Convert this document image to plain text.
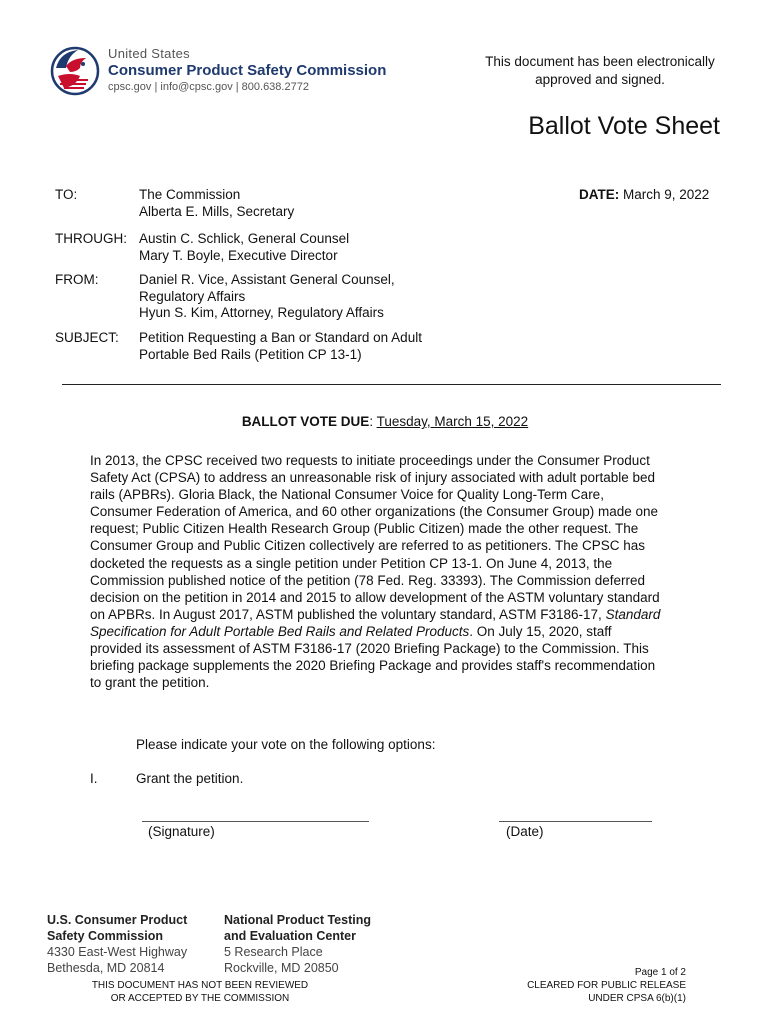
United States
Consumer Product Safety Commission
cpsc.gov | info@cpsc.gov | 800.638.2772
This document has been electronically
approved and signed.
Ballot Vote Sheet
TO:	The Commission
Alberta E. Mills, Secretary
DATE: March 9, 2022
THROUGH: Austin C. Schlick, General Counsel
Mary T. Boyle, Executive Director
FROM:	Daniel R. Vice, Assistant General Counsel,
Regulatory Affairs
Hyun S. Kim, Attorney, Regulatory Affairs
SUBJECT: Petition Requesting a Ban or Standard on Adult
Portable Bed Rails (Petition CP 13-1)
BALLOT VOTE DUE: Tuesday, March 15, 2022
In 2013, the CPSC received two requests to initiate proceedings under the Consumer Product
Safety Act (CPSA) to address an unreasonable risk of injury associated with adult portable bed
rails (APBRs). Gloria Black, the National Consumer Voice for Quality Long-Term Care,
Consumer Federation of America, and 60 other organizations (the Consumer Group) made one
request; Public Citizen Health Research Group (Public Citizen) made the other request. The
Consumer Group and Public Citizen collectively are referred to as petitioners. The CPSC has
docketed the requests as a single petition under Petition CP 13-1. On June 4, 2013, the
Commission published notice of the petition (78 Fed. Reg. 33393). The Commission deferred
decision on the petition in 2014 and 2015 to allow development of the ASTM voluntary standard
on APBRs. In August 2017, ASTM published the voluntary standard, ASTM F3186-17, Standard
Specification for Adult Portable Bed Rails and Related Products. On July 15, 2020, staff
provided its assessment of ASTM F3186-17 (2020 Briefing Package) to the Commission. This
briefing package supplements the 2020 Briefing Package and provides staff's recommendation
to grant the petition.
Please indicate your vote on the following options:
I.	Grant the petition.
(Signature)	(Date)
U.S. Consumer Product
Safety Commission
4330 East-West Highway
Bethesda, MD 20814
National Product Testing
and Evaluation Center
5 Research Place
Rockville, MD 20850	Page 1 of 2
THIS DOCUMENT HAS NOT BEEN REVIEWED
OR ACCEPTED BY THE COMMISSION
CLEARED FOR PUBLIC RELEASE
UNDER CPSA 6(b)(1)
